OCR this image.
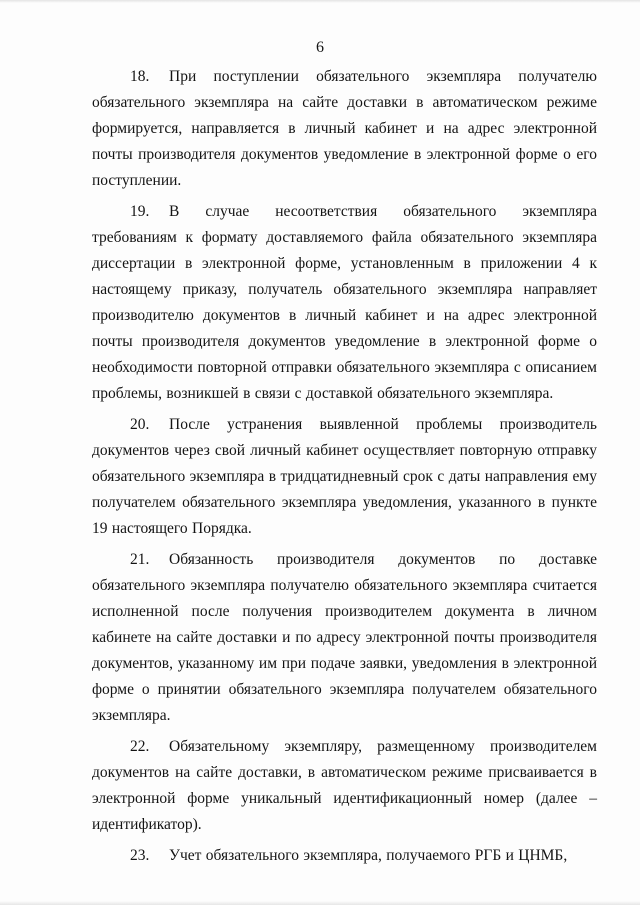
6

18. При поступлении обязательного экземпляра получателю обязательного экземпляра на сайте доставки в автоматическом режиме формируется, направляется в личный кабинет и на адрес электронной почты производителя документов уведомление в электронной форме о его поступлении.

19. В случае несоответствия обязательного экземпляра требованиям к формату доставляемого файла обязательного экземпляра диссертации в электронной форме, установленным в приложении 4 к настоящему приказу, получатель обязательного экземпляра направляет производителю документов в личный кабинет и на адрес электронной почты производителя документов уведомление в электронной форме о необходимости повторной отправки обязательного экземпляра с описанием проблемы, возникшей в связи с доставкой обязательного экземпляра.

20. После устранения выявленной проблемы производитель документов через свой личный кабинет осуществляет повторную отправку обязательного экземпляра в тридцатидневный срок с даты направления ему получателем обязательного экземпляра уведомления, указанного в пункте 19 настоящего Порядка.

21. Обязанность производителя документов по доставке обязательного экземпляра получателю обязательного экземпляра считается исполненной после получения производителем документа в личном кабинете на сайте доставки и по адресу электронной почты производителя документов, указанному им при подаче заявки, уведомления в электронной форме о принятии обязательного экземпляра получателем обязательного экземпляра.

22. Обязательному экземпляру, размещенному производителем документов на сайте доставки, в автоматическом режиме присваивается в электронной форме уникальный идентификационный номер (далее – идентификатор).

23. Учет обязательного экземпляра, получаемого РГБ и ЦНМБ,
